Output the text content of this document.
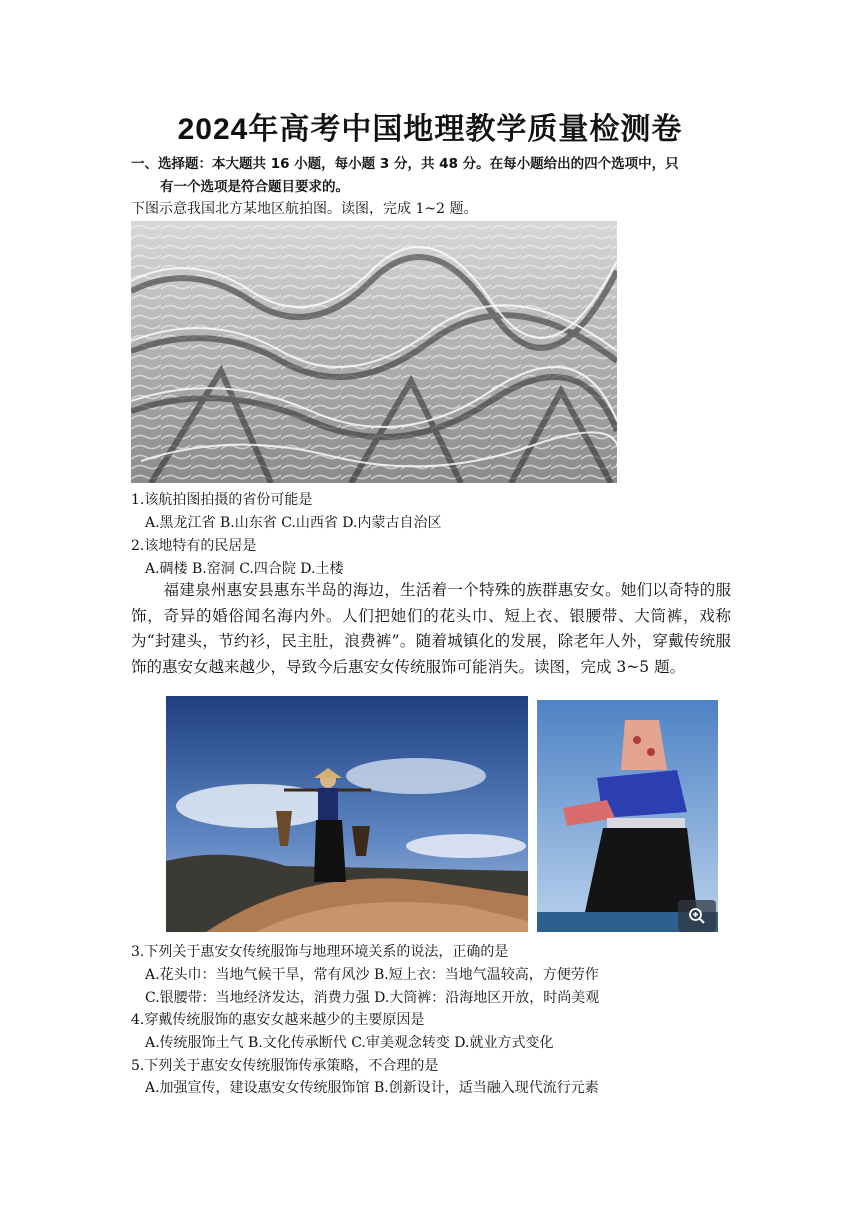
2024年高考中国地理教学质量检测卷
一、选择题：本大题共 16 小题，每小题 3 分，共 48 分。在每小题给出的四个选项中，只
有一个选项是符合题目要求的。
下图示意我国北方某地区航拍图。读图，完成 1~2 题。
1.该航拍图拍摄的省份可能是
A.黑龙江省 B.山东省 C.山西省 D.内蒙古自治区
2.该地特有的民居是
A.碉楼 B.窑洞 C.四合院 D.土楼
福建泉州惠安县惠东半岛的海边，生活着一个特殊的族群惠安女。她们以奇特的服饰，奇异的婚俗闻名海内外。人们把她们的花头巾、短上衣、银腰带、大筒裤，戏称为“封建头，节约衫，民主肚，浪费裤”。随着城镇化的发展，除老年人外，穿戴传统服饰的惠安女越来越少，导致今后惠安女传统服饰可能消失。读图，完成 3~5 题。
3.下列关于惠安女传统服饰与地理环境关系的说法，正确的是
A.花头巾：当地气候干旱，常有风沙 B.短上衣：当地气温较高，方便劳作
C.银腰带：当地经济发达，消费力强 D.大筒裤：沿海地区开放，时尚美观
4.穿戴传统服饰的惠安女越来越少的主要原因是
A.传统服饰土气 B.文化传承断代 C.审美观念转变 D.就业方式变化
5.下列关于惠安女传统服饰传承策略，不合理的是
A.加强宣传，建设惠安女传统服饰馆 B.创新设计，适当融入现代流行元素
